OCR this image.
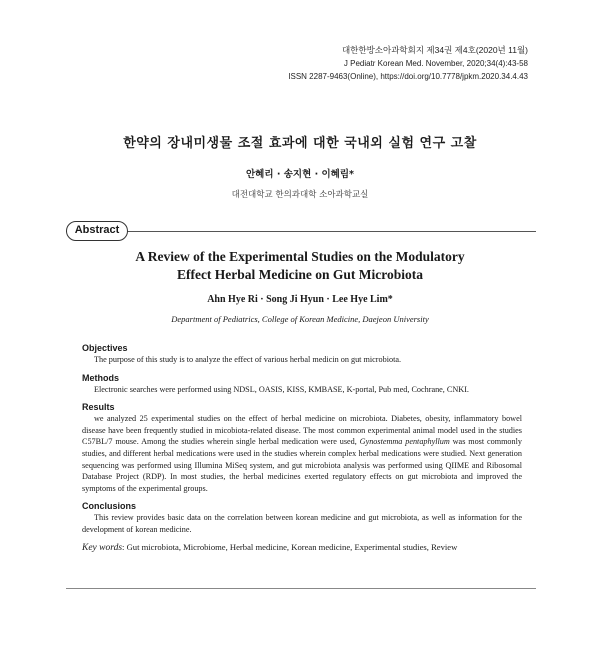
대한한방소아과학회지 제34권 제4호(2020년 11월)
J Pediatr Korean Med. November, 2020;34(4):43-58
ISSN 2287-9463(Online), https://doi.org/10.7778/jpkm.2020.34.4.43
한약의 장내미생물 조절 효과에 대한 국내외 실험 연구 고찰
안혜리 · 송지현 · 이혜림*
대전대학교 한의과대학 소아과학교실
Abstract
A Review of the Experimental Studies on the Modulatory
Effect Herbal Medicine on Gut Microbiota
Ahn Hye Ri · Song Ji Hyun · Lee Hye Lim*
Department of Pediatrics, College of Korean Medicine, Daejeon University
Objectives

The purpose of this study is to analyze the effect of various herbal medicin on gut microbiota.

Methods

Electronic searches were performed using NDSL, OASIS, KISS, KMBASE, K-portal, Pub med, Cochrane, CNKI.

Results

we analyzed 25 experimental studies on the effect of herbal medicine on microbiota. Diabetes, obesity, inflammatory bowel disease have been frequently studied in micobiota-related disease. The most common experimental animal model used in the studies C57BL/7 mouse. Among the studies wherein single herbal medication were used, Gynostemma pentaphyllum was most commonly studies, and different herbal medications were used in the studies wherein complex herbal medications were studied. Next generation sequencing was performed using Illumina MiSeq system, and gut microbiota analysis was performed using QIIME and Ribosomal Database Project (RDP). In most studies, the herbal medicines exerted regulatory effects on gut microbiota and improved the symptoms of the experimental groups.

Conclusions

This review provides basic data on the correlation between korean medicine and gut microbiota, as well as information for the development of korean medicine.

Key words: Gut microbiota, Microbiome, Herbal medicine, Korean medicine, Experimental studies, Review
